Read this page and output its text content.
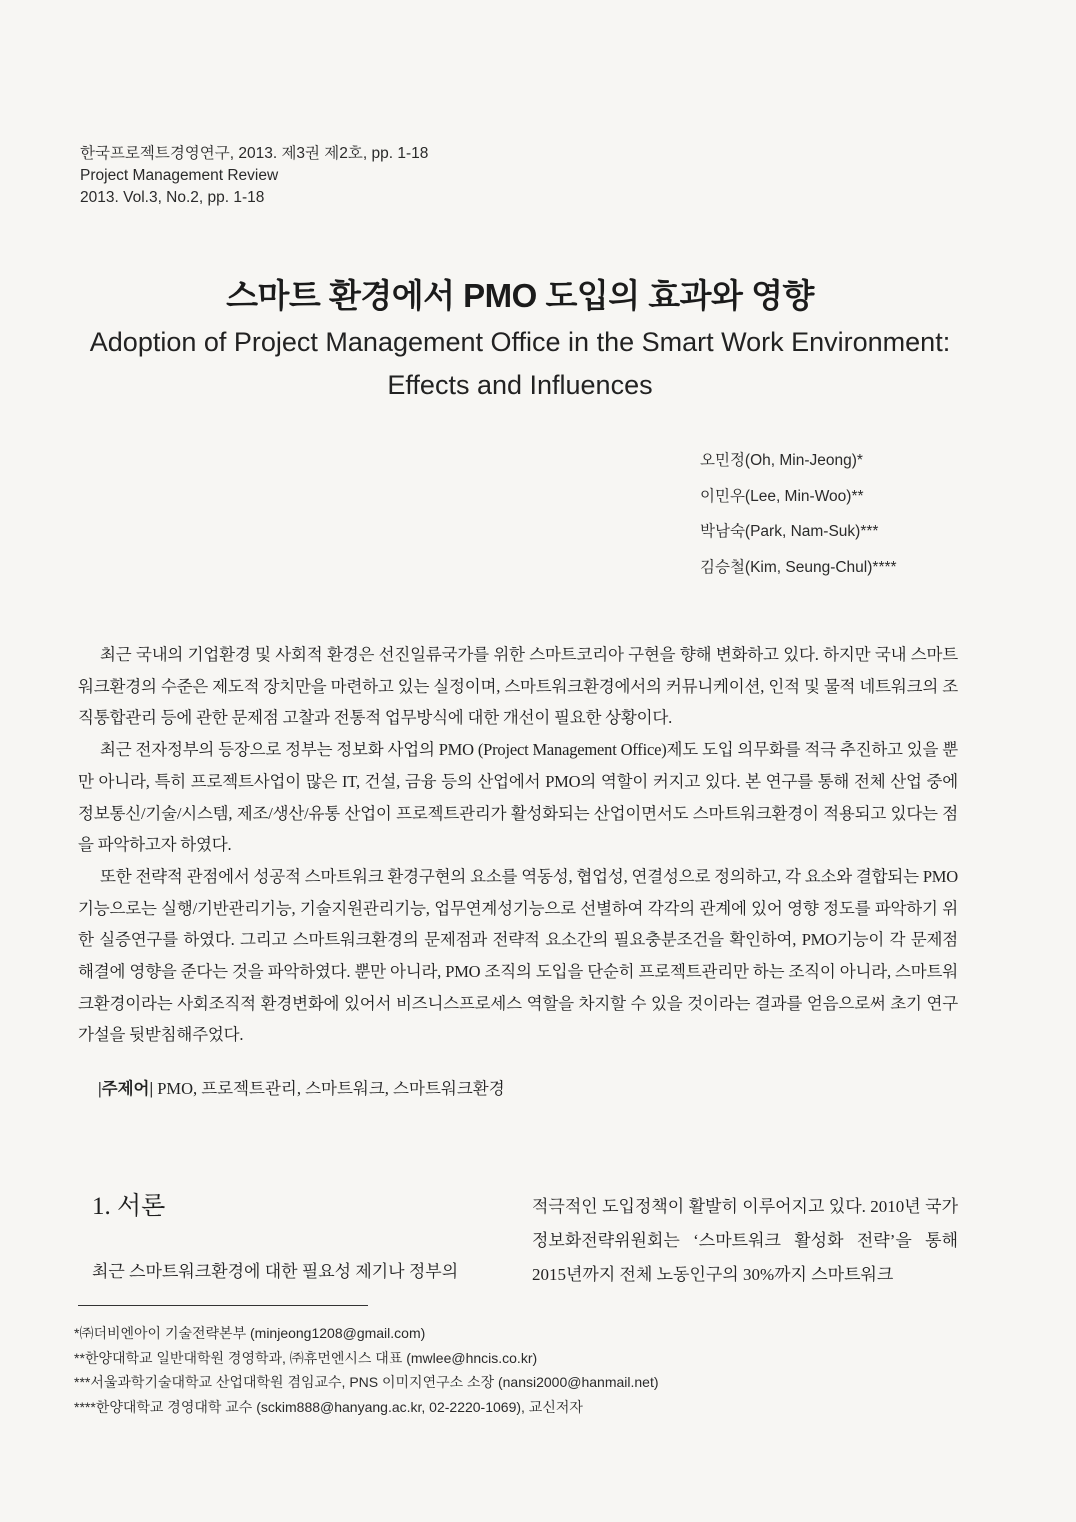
한국프로젝트경영연구, 2013. 제3권 제2호, pp. 1-18
Project Management Review
2013. Vol.3, No.2, pp. 1-18
스마트 환경에서 PMO 도입의 효과와 영향
Adoption of Project Management Office in the Smart Work Environment:
Effects and Influences
오민정(Oh, Min-Jeong)*
이민우(Lee, Min-Woo)**
박남숙(Park, Nam-Suk)***
김승철(Kim, Seung-Chul)****

최근 국내의 기업환경 및 사회적 환경은 선진일류국가를 위한 스마트코리아 구현을 향해 변화하고 있다. 하지만 국내 스마트워크환경의 수준은 제도적 장치만을 마련하고 있는 실정이며, 스마트워크환경에서의 커뮤니케이션, 인적 및 물적 네트워크의 조직통합관리 등에 관한 문제점 고찰과 전통적 업무방식에 대한 개선이 필요한 상황이다.

최근 전자정부의 등장으로 정부는 정보화 사업의 PMO (Project Management Office)제도 도입 의무화를 적극 추진하고 있을 뿐만 아니라, 특히 프로젝트사업이 많은 IT, 건설, 금융 등의 산업에서 PMO의 역할이 커지고 있다. 본 연구를 통해 전체 산업 중에 정보통신/기술/시스템, 제조/생산/유통 산업이 프로젝트관리가 활성화되는 산업이면서도 스마트워크환경이 적용되고 있다는 점을 파악하고자 하였다.

또한 전략적 관점에서 성공적 스마트워크 환경구현의 요소를 역동성, 협업성, 연결성으로 정의하고, 각 요소와 결합되는 PMO기능으로는 실행/기반관리기능, 기술지원관리기능, 업무연계성기능으로 선별하여 각각의 관계에 있어 영향 정도를 파악하기 위한 실증연구를 하였다. 그리고 스마트워크환경의 문제점과 전략적 요소간의 필요충분조건을 확인하여, PMO기능이 각 문제점 해결에 영향을 준다는 것을 파악하였다. 뿐만 아니라, PMO 조직의 도입을 단순히 프로젝트관리만 하는 조직이 아니라, 스마트워크환경이라는 사회조직적 환경변화에 있어서 비즈니스프로세스 역할을 차지할 수 있을 것이라는 결과를 얻음으로써 초기 연구 가설을 뒷받침해주었다.

|주제어| PMO, 프로젝트관리, 스마트워크, 스마트워크환경
1. 서론

최근 스마트워크환경에 대한 필요성 제기나 정부의

적극적인 도입정책이 활발히 이루어지고 있다. 2010년 국가정보화전략위원회는 ‘스마트워크 활성화 전략’을 통해 2015년까지 전체 노동인구의 30%까지 스마트워크

*㈜더비엔아이 기술전략본부 (minjeong1208@gmail.com)
**한양대학교 일반대학원 경영학과, ㈜휴먼엔시스 대표 (mwlee@hncis.co.kr)
***서울과학기술대학교 산업대학원 겸임교수, PNS 이미지연구소 소장 (nansi2000@hanmail.net)
****한양대학교 경영대학 교수 (sckim888@hanyang.ac.kr, 02-2220-1069), 교신저자
